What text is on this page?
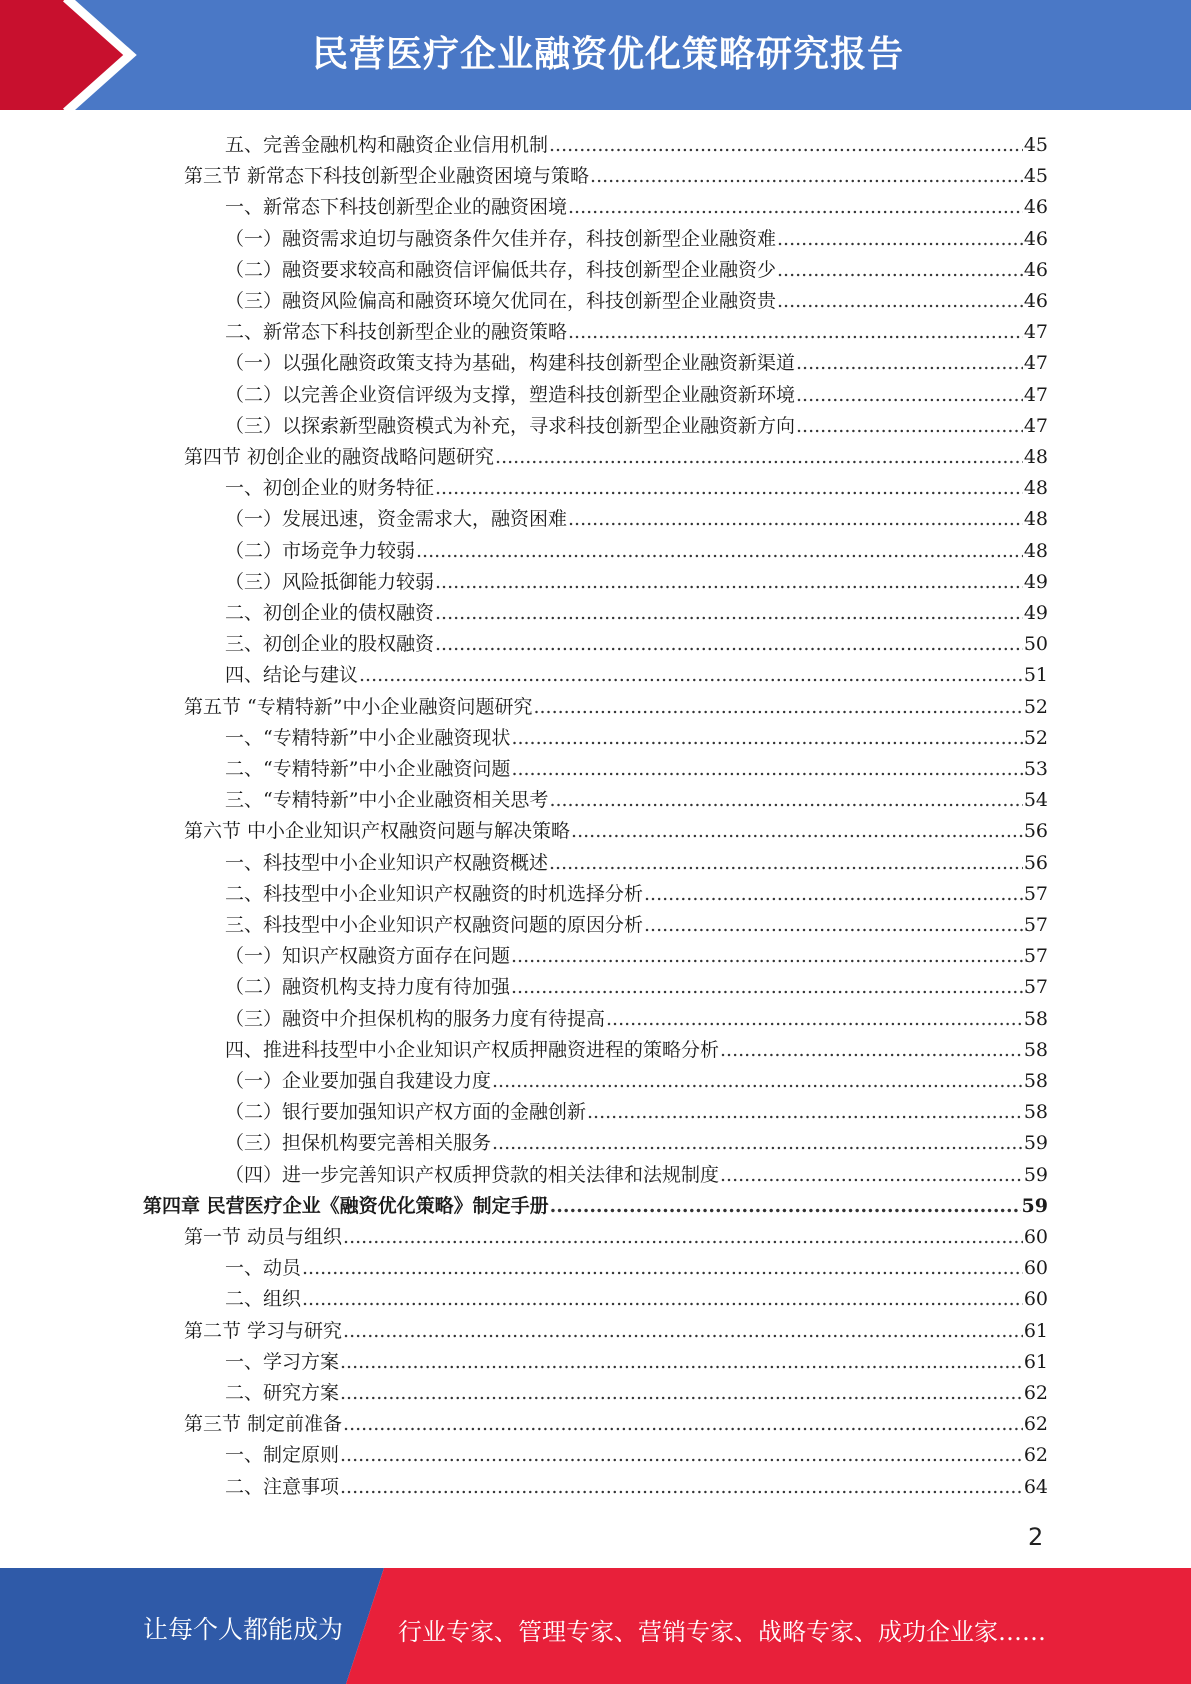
民营医疗企业融资优化策略研究报告
五、完善金融机构和融资企业信用机制 .....	45
第三节 新常态下科技创新型企业融资困境与策略 .....	45
一、新常态下科技创新型企业的融资困境 .....	46
（一）融资需求迫切与融资条件欠佳并存，科技创新型企业融资难 .....	46
（二）融资要求较高和融资信评偏低共存，科技创新型企业融资少 .....	46
（三）融资风险偏高和融资环境欠优同在，科技创新型企业融资贵 .....	46
二、新常态下科技创新型企业的融资策略 .....	47
（一）以强化融资政策支持为基础，构建科技创新型企业融资新渠道 .....	47
（二）以完善企业资信评级为支撑，塑造科技创新型企业融资新环境 .....	47
（三）以探索新型融资模式为补充，寻求科技创新型企业融资新方向 .....	47
第四节 初创企业的融资战略问题研究 .....	48
一、初创企业的财务特征 .....	48
（一）发展迅速，资金需求大，融资困难 .....	48
（二）市场竞争力较弱 .....	48
（三）风险抵御能力较弱 .....	49
二、初创企业的债权融资 .....	49
三、初创企业的股权融资 .....	50
四、结论与建议 .....	51
第五节 “专精特新”中小企业融资问题研究 .....	52
一、“专精特新”中小企业融资现状 .....	52
二、“专精特新”中小企业融资问题 .....	53
三、“专精特新”中小企业融资相关思考 .....	54
第六节 中小企业知识产权融资问题与解决策略 .....	56
一、科技型中小企业知识产权融资概述 .....	56
二、科技型中小企业知识产权融资的时机选择分析 .....	57
三、科技型中小企业知识产权融资问题的原因分析 .....	57
（一）知识产权融资方面存在问题 .....	57
（二）融资机构支持力度有待加强 .....	57
（三）融资中介担保机构的服务力度有待提高 .....	58
四、推进科技型中小企业知识产权质押融资进程的策略分析 .....	58
（一）企业要加强自我建设力度 .....	58
（二）银行要加强知识产权方面的金融创新 .....	58
（三）担保机构要完善相关服务 .....	59
（四）进一步完善知识产权质押贷款的相关法律和法规制度 .....	59
第四章 民营医疗企业《融资优化策略》制定手册 .....	59
第一节 动员与组织 .....	60
一、动员 .....	60
二、组织 .....	60
第二节 学习与研究 .....	61
一、学习方案 .....	61
二、研究方案 .....	62
第三节 制定前准备 .....	62
一、制定原则 .....	62
二、注意事项 .....	64
2
让每个人都能成为 行业专家、管理专家、营销专家、战略专家、成功企业家……
